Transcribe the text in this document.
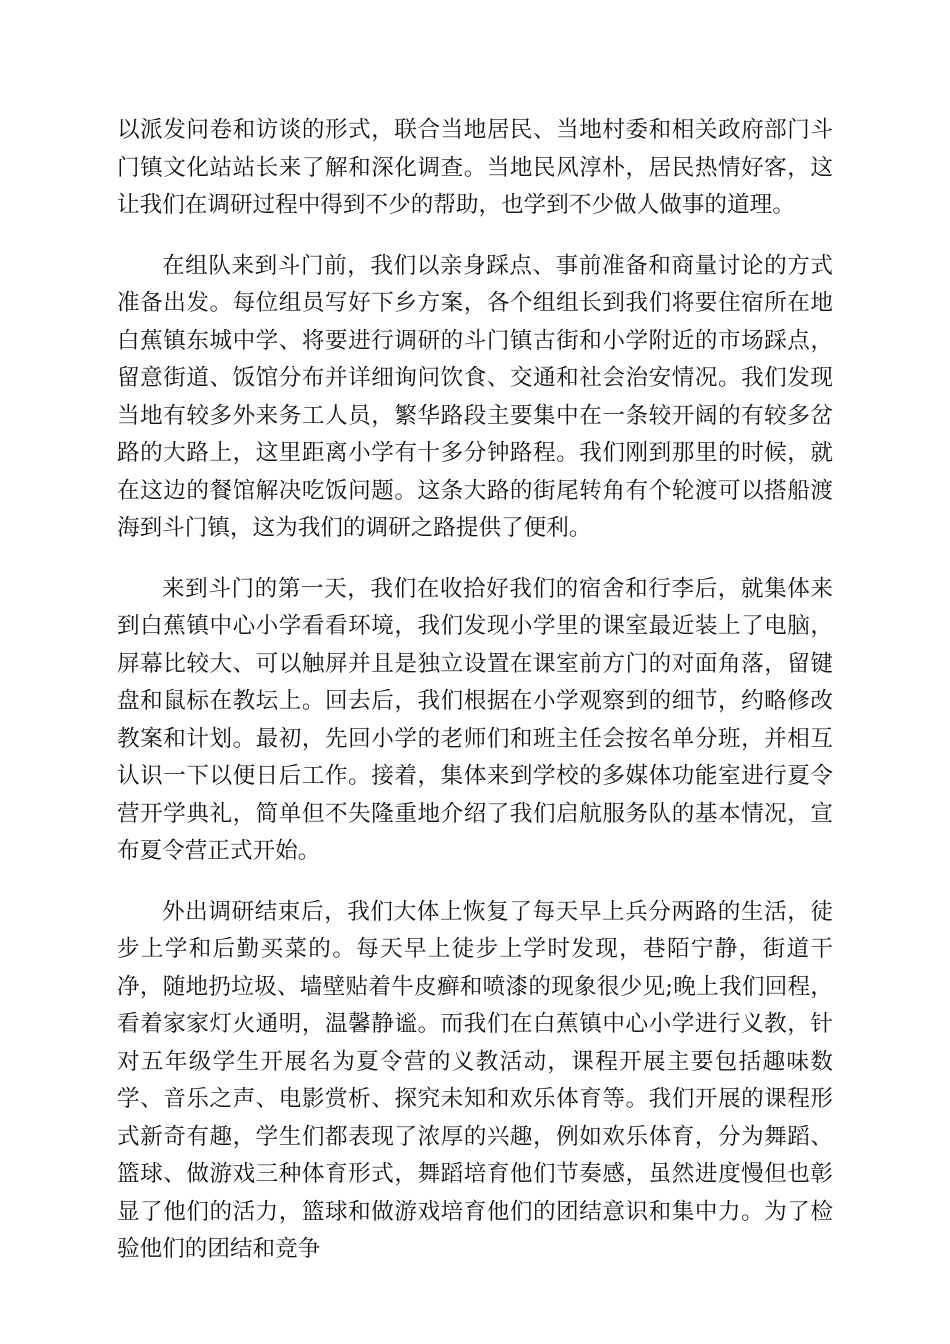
以派发问卷和访谈的形式，联合当地居民、当地村委和相关政府部门斗门镇文化站站长来了解和深化调查。当地民风淳朴，居民热情好客，这让我们在调研过程中得到不少的帮助，也学到不少做人做事的道理。

在组队来到斗门前，我们以亲身踩点、事前准备和商量讨论的方式准备出发。每位组员写好下乡方案，各个组组长到我们将要住宿所在地白蕉镇东城中学、将要进行调研的斗门镇古街和小学附近的市场踩点，留意街道、饭馆分布并详细询问饮食、交通和社会治安情况。我们发现当地有较多外来务工人员，繁华路段主要集中在一条较开阔的有较多岔路的大路上，这里距离小学有十多分钟路程。我们刚到那里的时候，就在这边的餐馆解决吃饭问题。这条大路的街尾转角有个轮渡可以搭船渡海到斗门镇，这为我们的调研之路提供了便利。

来到斗门的第一天，我们在收拾好我们的宿舍和行李后，就集体来到白蕉镇中心小学看看环境，我们发现小学里的课室最近装上了电脑，屏幕比较大、可以触屏并且是独立设置在课室前方门的对面角落，留键盘和鼠标在教坛上。回去后，我们根据在小学观察到的细节，约略修改教案和计划。最初，先回小学的老师们和班主任会按名单分班，并相互认识一下以便日后工作。接着，集体来到学校的多媒体功能室进行夏令营开学典礼，简单但不失隆重地介绍了我们启航服务队的基本情况，宣布夏令营正式开始。

外出调研结束后，我们大体上恢复了每天早上兵分两路的生活，徒步上学和后勤买菜的。每天早上徒步上学时发现，巷陌宁静，街道干净，随地扔垃圾、墙壁贴着牛皮癣和喷漆的现象很少见;晚上我们回程，看着家家灯火通明，温馨静谧。而我们在白蕉镇中心小学进行义教，针对五年级学生开展名为夏令营的义教活动，课程开展主要包括趣味数学、音乐之声、电影赏析、探究未知和欢乐体育等。我们开展的课程形式新奇有趣，学生们都表现了浓厚的兴趣，例如欢乐体育，分为舞蹈、篮球、做游戏三种体育形式，舞蹈培育他们节奏感，虽然进度慢但也彰显了他们的活力，篮球和做游戏培育他们的团结意识和集中力。为了检验他们的团结和竞争
